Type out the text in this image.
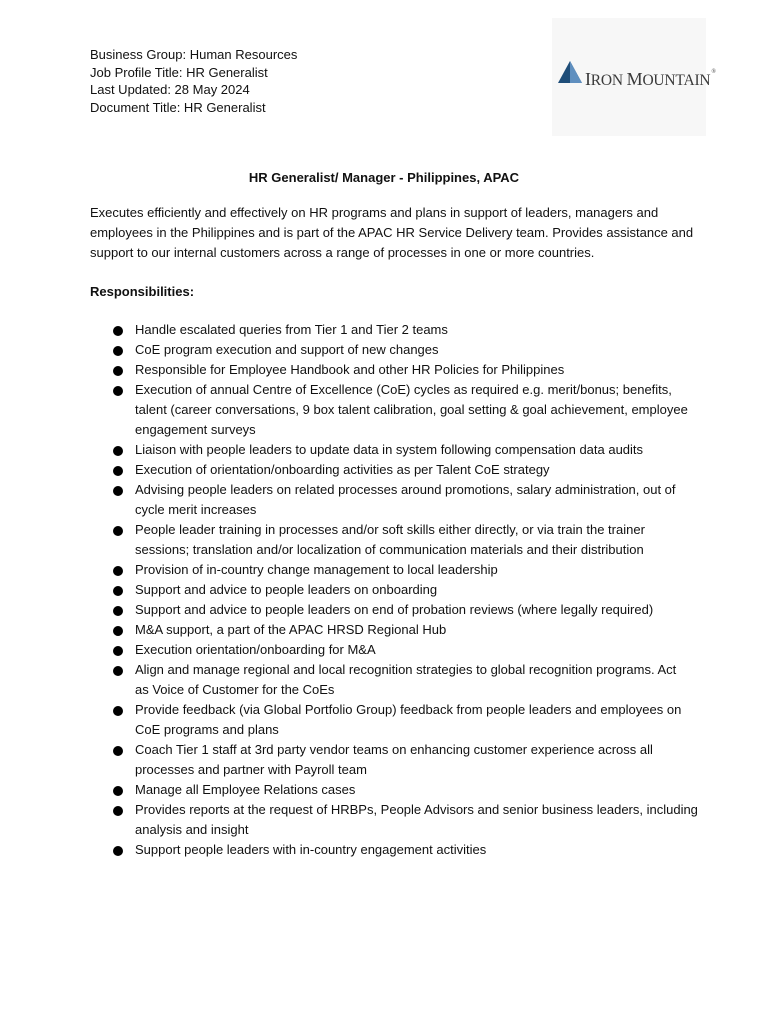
Business Group: Human Resources
Job Profile Title: HR Generalist
Last Updated: 28 May 2024
Document Title: HR Generalist
IRON MOUNTAIN®
HR Generalist/ Manager - Philippines, APAC
Executes efficiently and effectively on HR programs and plans in support of leaders, managers and
employees in the Philippines and is part of the APAC HR Service Delivery team. Provides assistance and
support to our internal customers across a range of processes in one or more countries.
Responsibilities:
Handle escalated queries from Tier 1 and Tier 2 teams
CoE program execution and support of new changes
Responsible for Employee Handbook and other HR Policies for Philippines
Execution of annual Centre of Excellence (CoE) cycles as required e.g. merit/bonus; benefits,
talent (career conversations, 9 box talent calibration, goal setting & goal achievement, employee
engagement surveys
Liaison with people leaders to update data in system following compensation data audits
Execution of orientation/onboarding activities as per Talent CoE strategy
Advising people leaders on related processes around promotions, salary administration, out of
cycle merit increases
People leader training in processes and/or soft skills either directly, or via train the trainer
sessions; translation and/or localization of communication materials and their distribution
Provision of in-country change management to local leadership
Support and advice to people leaders on onboarding
Support and advice to people leaders on end of probation reviews (where legally required)
M&A support, a part of the APAC HRSD Regional Hub
Execution orientation/onboarding for M&A
Align and manage regional and local recognition strategies to global recognition programs. Act
as Voice of Customer for the CoEs
Provide feedback (via Global Portfolio Group) feedback from people leaders and employees on
CoE programs and plans
Coach Tier 1 staff at 3rd party vendor teams on enhancing customer experience across all
processes and partner with Payroll team
Manage all Employee Relations cases
Provides reports at the request of HRBPs, People Advisors and senior business leaders, including
analysis and insight
Support people leaders with in-country engagement activities
